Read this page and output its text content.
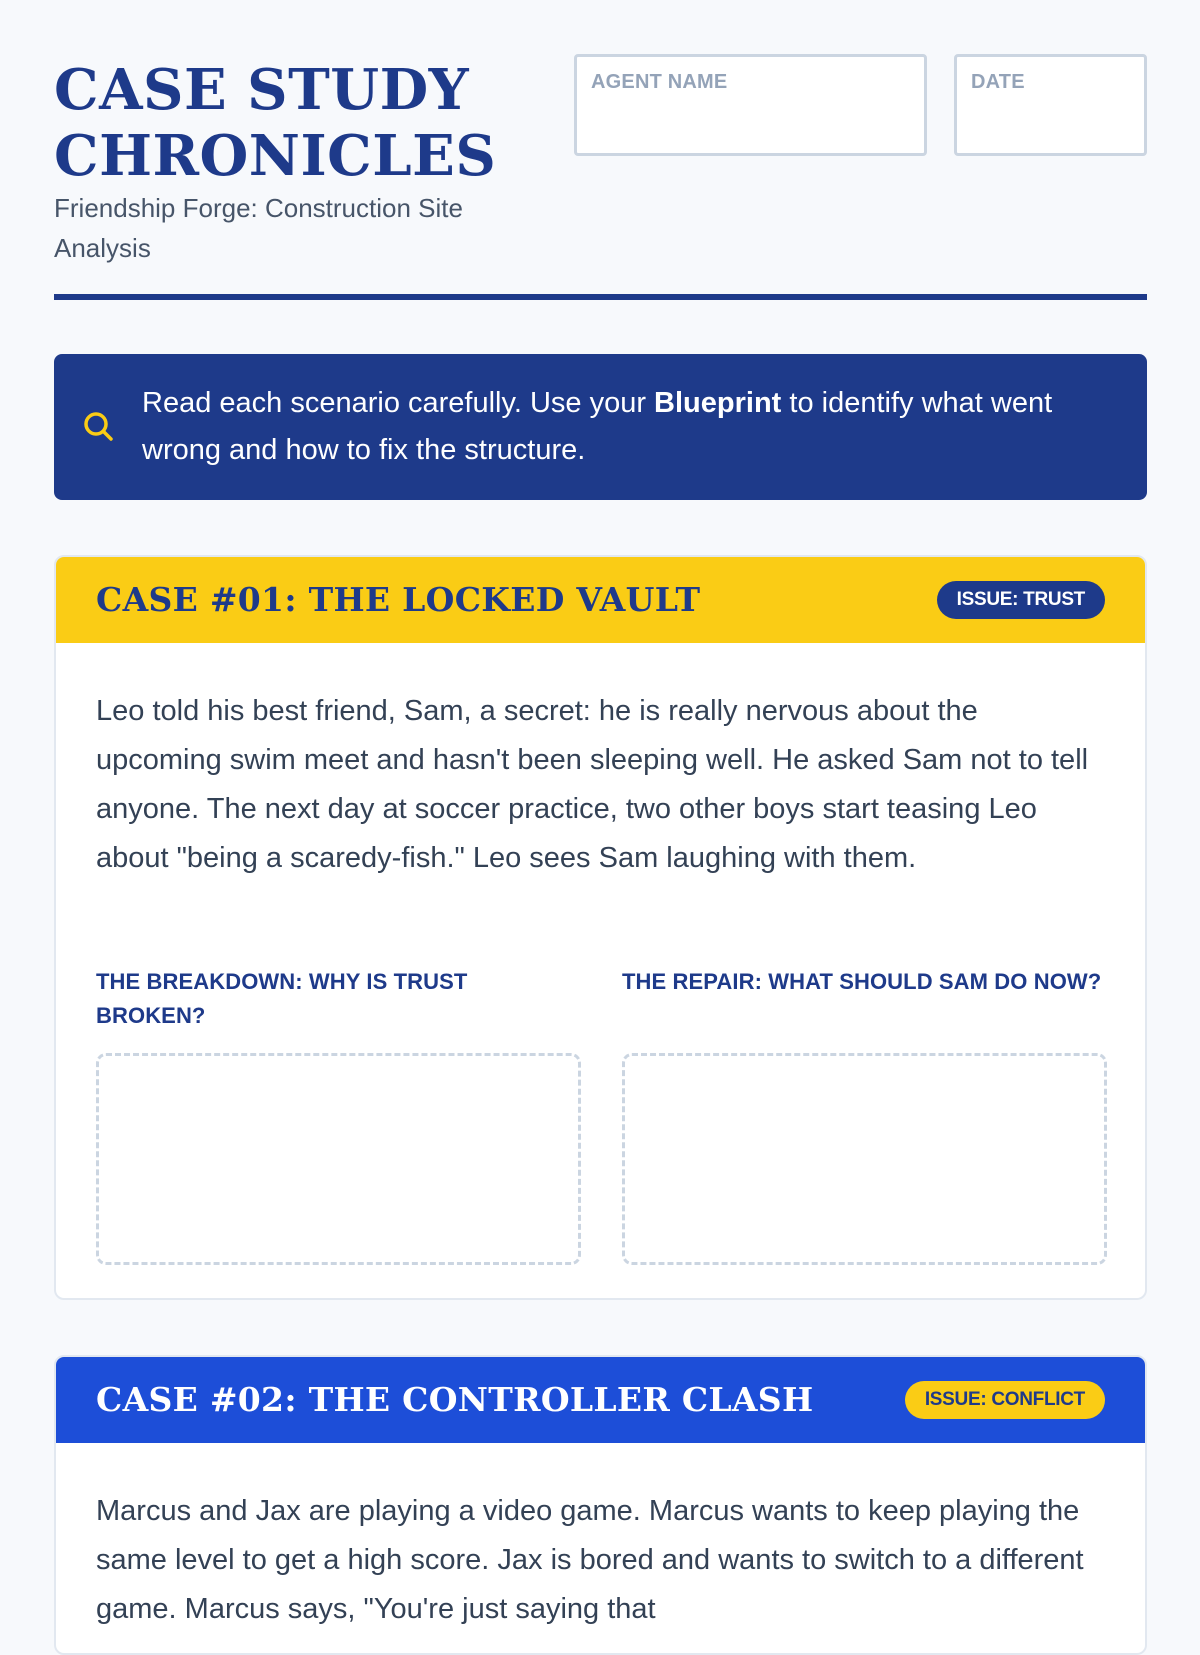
CASE STUDY
CHRONICLES
Friendship Forge: Construction Site Analysis
AGENT NAME	DATE
Read each scenario carefully. Use your Blueprint to identify what went wrong and how to fix the structure.
CASE #01: THE LOCKED VAULT	ISSUE: TRUST

Leo told his best friend, Sam, a secret: he is really nervous about the upcoming swim meet and hasn't been sleeping well. He asked Sam not to tell anyone. The next day at soccer practice, two other boys start teasing Leo about "being a scaredy-fish." Leo sees Sam laughing with them.

THE BREAKDOWN: WHY IS TRUST BROKEN?
THE REPAIR: WHAT SHOULD SAM DO NOW?
CASE #02: THE CONTROLLER CLASH	ISSUE: CONFLICT

Marcus and Jax are playing a video game. Marcus wants to keep playing the same level to get a high score. Jax is bored and wants to switch to a different game. Marcus says, "You're just saying that
